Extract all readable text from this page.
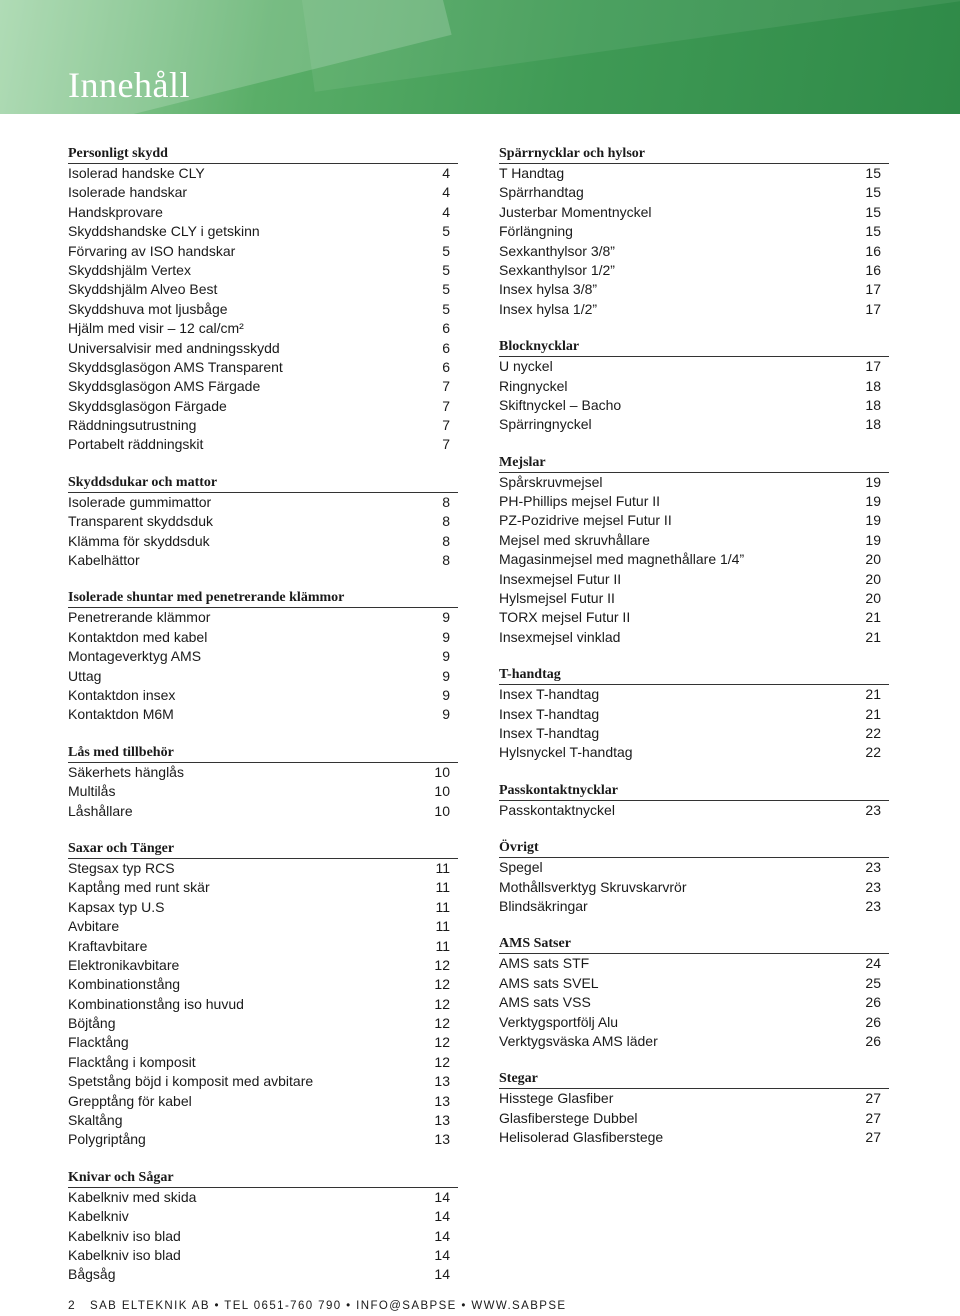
Innehåll
Personligt skydd
Isolerad handske CLY	4
Isolerade handskar	4
Handskprovare	4
Skyddshandske CLY i getskinn	5
Förvaring av ISO handskar	5
Skyddshjälm Vertex	5
Skyddshjälm Alveo Best	5
Skyddshuva mot ljusbåge	5
Hjälm med visir – 12 cal/cm²	6
Universalvisir med andningsskydd	6
Skyddsglasögon AMS Transparent	6
Skyddsglasögon AMS Färgade	7
Skyddsglasögon Färgade	7
Räddningsutrustning	7
Portabelt räddningskit	7
Skyddsdukar och mattor
Isolerade gummimattor	8
Transparent skyddsduk	8
Klämma för skyddsduk	8
Kabelhättor	8
Isolerade shuntar med penetrerande klämmor
Penetrerande klämmor	9
Kontaktdon med kabel	9
Montageverktyg AMS	9
Uttag	9
Kontaktdon insex	9
Kontaktdon M6M	9
Lås med tillbehör
Säkerhets hänglås	10
Multilås	10
Låshållare	10
Saxar och Tänger
Stegsax typ RCS	11
Kaptång med runt skär	11
Kapsax typ U.S	11
Avbitare	11
Kraftavbitare	11
Elektronikavbitare	12
Kombinationstång	12
Kombinationstång iso huvud	12
Böjtång	12
Flacktång	12
Flacktång i komposit	12
Spetstång böjd i komposit med avbitare	13
Grepptång för kabel	13
Skaltång	13
Polygriptång	13
Knivar och Sågar
Kabelkniv med skida	14
Kabelkniv	14
Kabelkniv iso blad	14
Kabelkniv iso blad	14
Bågsåg	14
Spärrnycklar och hylsor
T Handtag	15
Spärrhandtag	15
Justerbar Momentnyckel	15
Förlängning	15
Sexkanthylsor 3/8”	16
Sexkanthylsor 1/2”	16
Insex hylsa 3/8”	17
Insex hylsa 1/2”	17
Blocknycklar
U nyckel	17
Ringnyckel	18
Skiftnyckel – Bacho	18
Spärringnyckel	18
Mejslar
Spårskruvmejsel	19
PH-Phillips mejsel Futur II	19
PZ-Pozidrive mejsel Futur II	19
Mejsel med skruvhållare	19
Magasinmejsel med magnethållare 1/4”	20
Insexmejsel Futur II	20
Hylsmejsel Futur II	20
TORX mejsel Futur II	21
Insexmejsel vinklad	21
T-handtag
Insex T-handtag	21
Insex T-handtag	21
Insex T-handtag	22
Hylsnyckel T-handtag	22
Passkontaktnycklar
Passkontaktnyckel	23
Övrigt
Spegel	23
Mothållsverktyg Skruvskarvrör	23
Blindsäkringar	23
AMS Satser
AMS sats STF	24
AMS sats SVEL	25
AMS sats VSS	26
Verktygsportfölj Alu	26
Verktygsväska AMS läder	26
Stegar
Hisstege Glasfiber	27
Glasfiberstege Dubbel	27
Helisolerad Glasfiberstege	27
2 SAB ELTEKNIK AB • TEL 0651-760 790 • INFO@SABPSE • WWW.SABPSE
